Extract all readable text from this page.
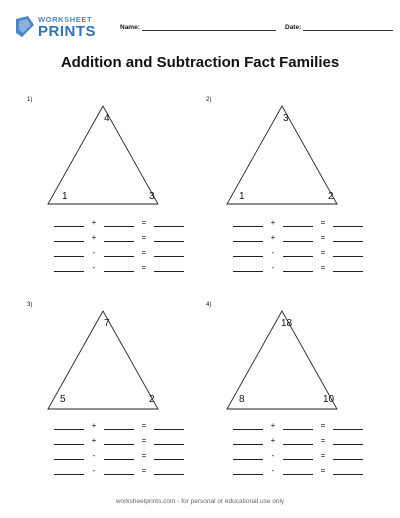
WORKSHEET
PRINTS	Name:	Date:
Addition and Subtraction Fact Families
1)
4
1	3
+	=
+	=
-	=
-	=
2)
3
1	2
+	=
+	=
-	=
-	=
3)
7
5	2
+	=
+	=
-	=
-	=
4)
18
8	10
+	=
+	=
-	=
-	=
worksheetprints.com - for personal or educational use only
